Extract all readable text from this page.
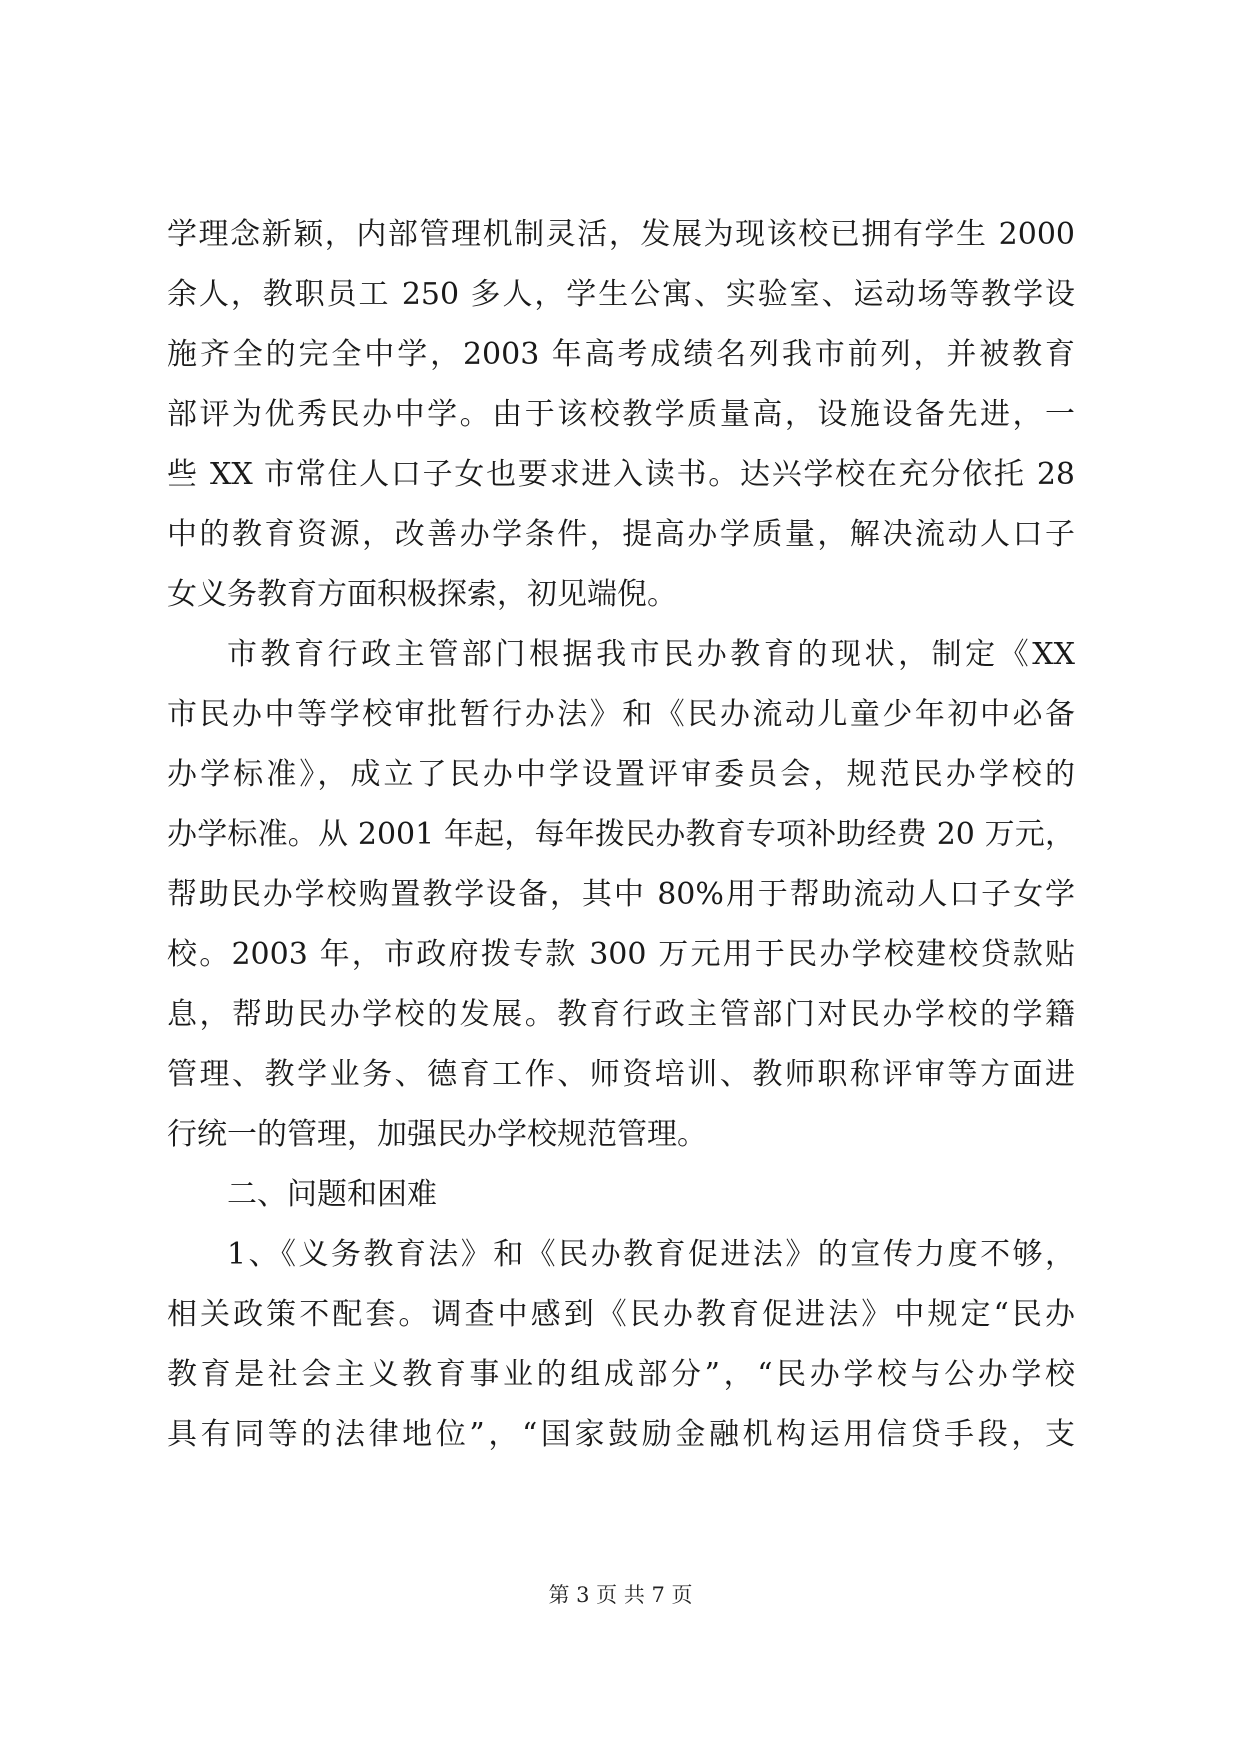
学理念新颖，内部管理机制灵活，发展为现该校已拥有学生 2000
余人，教职员工 250 多人，学生公寓、实验室、运动场等教学设
施齐全的完全中学，2003 年高考成绩名列我市前列，并被教育
部评为优秀民办中学。由于该校教学质量高，设施设备先进，一
些 XX 市常住人口子女也要求进入读书。达兴学校在充分依托 28
中的教育资源，改善办学条件，提高办学质量，解决流动人口子
女义务教育方面积极探索，初见端倪。
市教育行政主管部门根据我市民办教育的现状，制定《XX
市民办中等学校审批暂行办法》和《民办流动儿童少年初中必备
办学标准》，成立了民办中学设置评审委员会，规范民办学校的
办学标准。从 2001 年起，每年拨民办教育专项补助经费 20 万元，
帮助民办学校购置教学设备，其中 80%用于帮助流动人口子女学
校。2003 年，市政府拨专款 300 万元用于民办学校建校贷款贴
息，帮助民办学校的发展。教育行政主管部门对民办学校的学籍
管理、教学业务、德育工作、师资培训、教师职称评审等方面进
行统一的管理，加强民办学校规范管理。
二、问题和困难
1、《义务教育法》和《民办教育促进法》的宣传力度不够，
相关政策不配套。调查中感到《民办教育促进法》中规定“民办
教育是社会主义教育事业的组成部分”，“民办学校与公办学校
具有同等的法律地位”，“国家鼓励金融机构运用信贷手段，支
第 3 页 共 7 页
